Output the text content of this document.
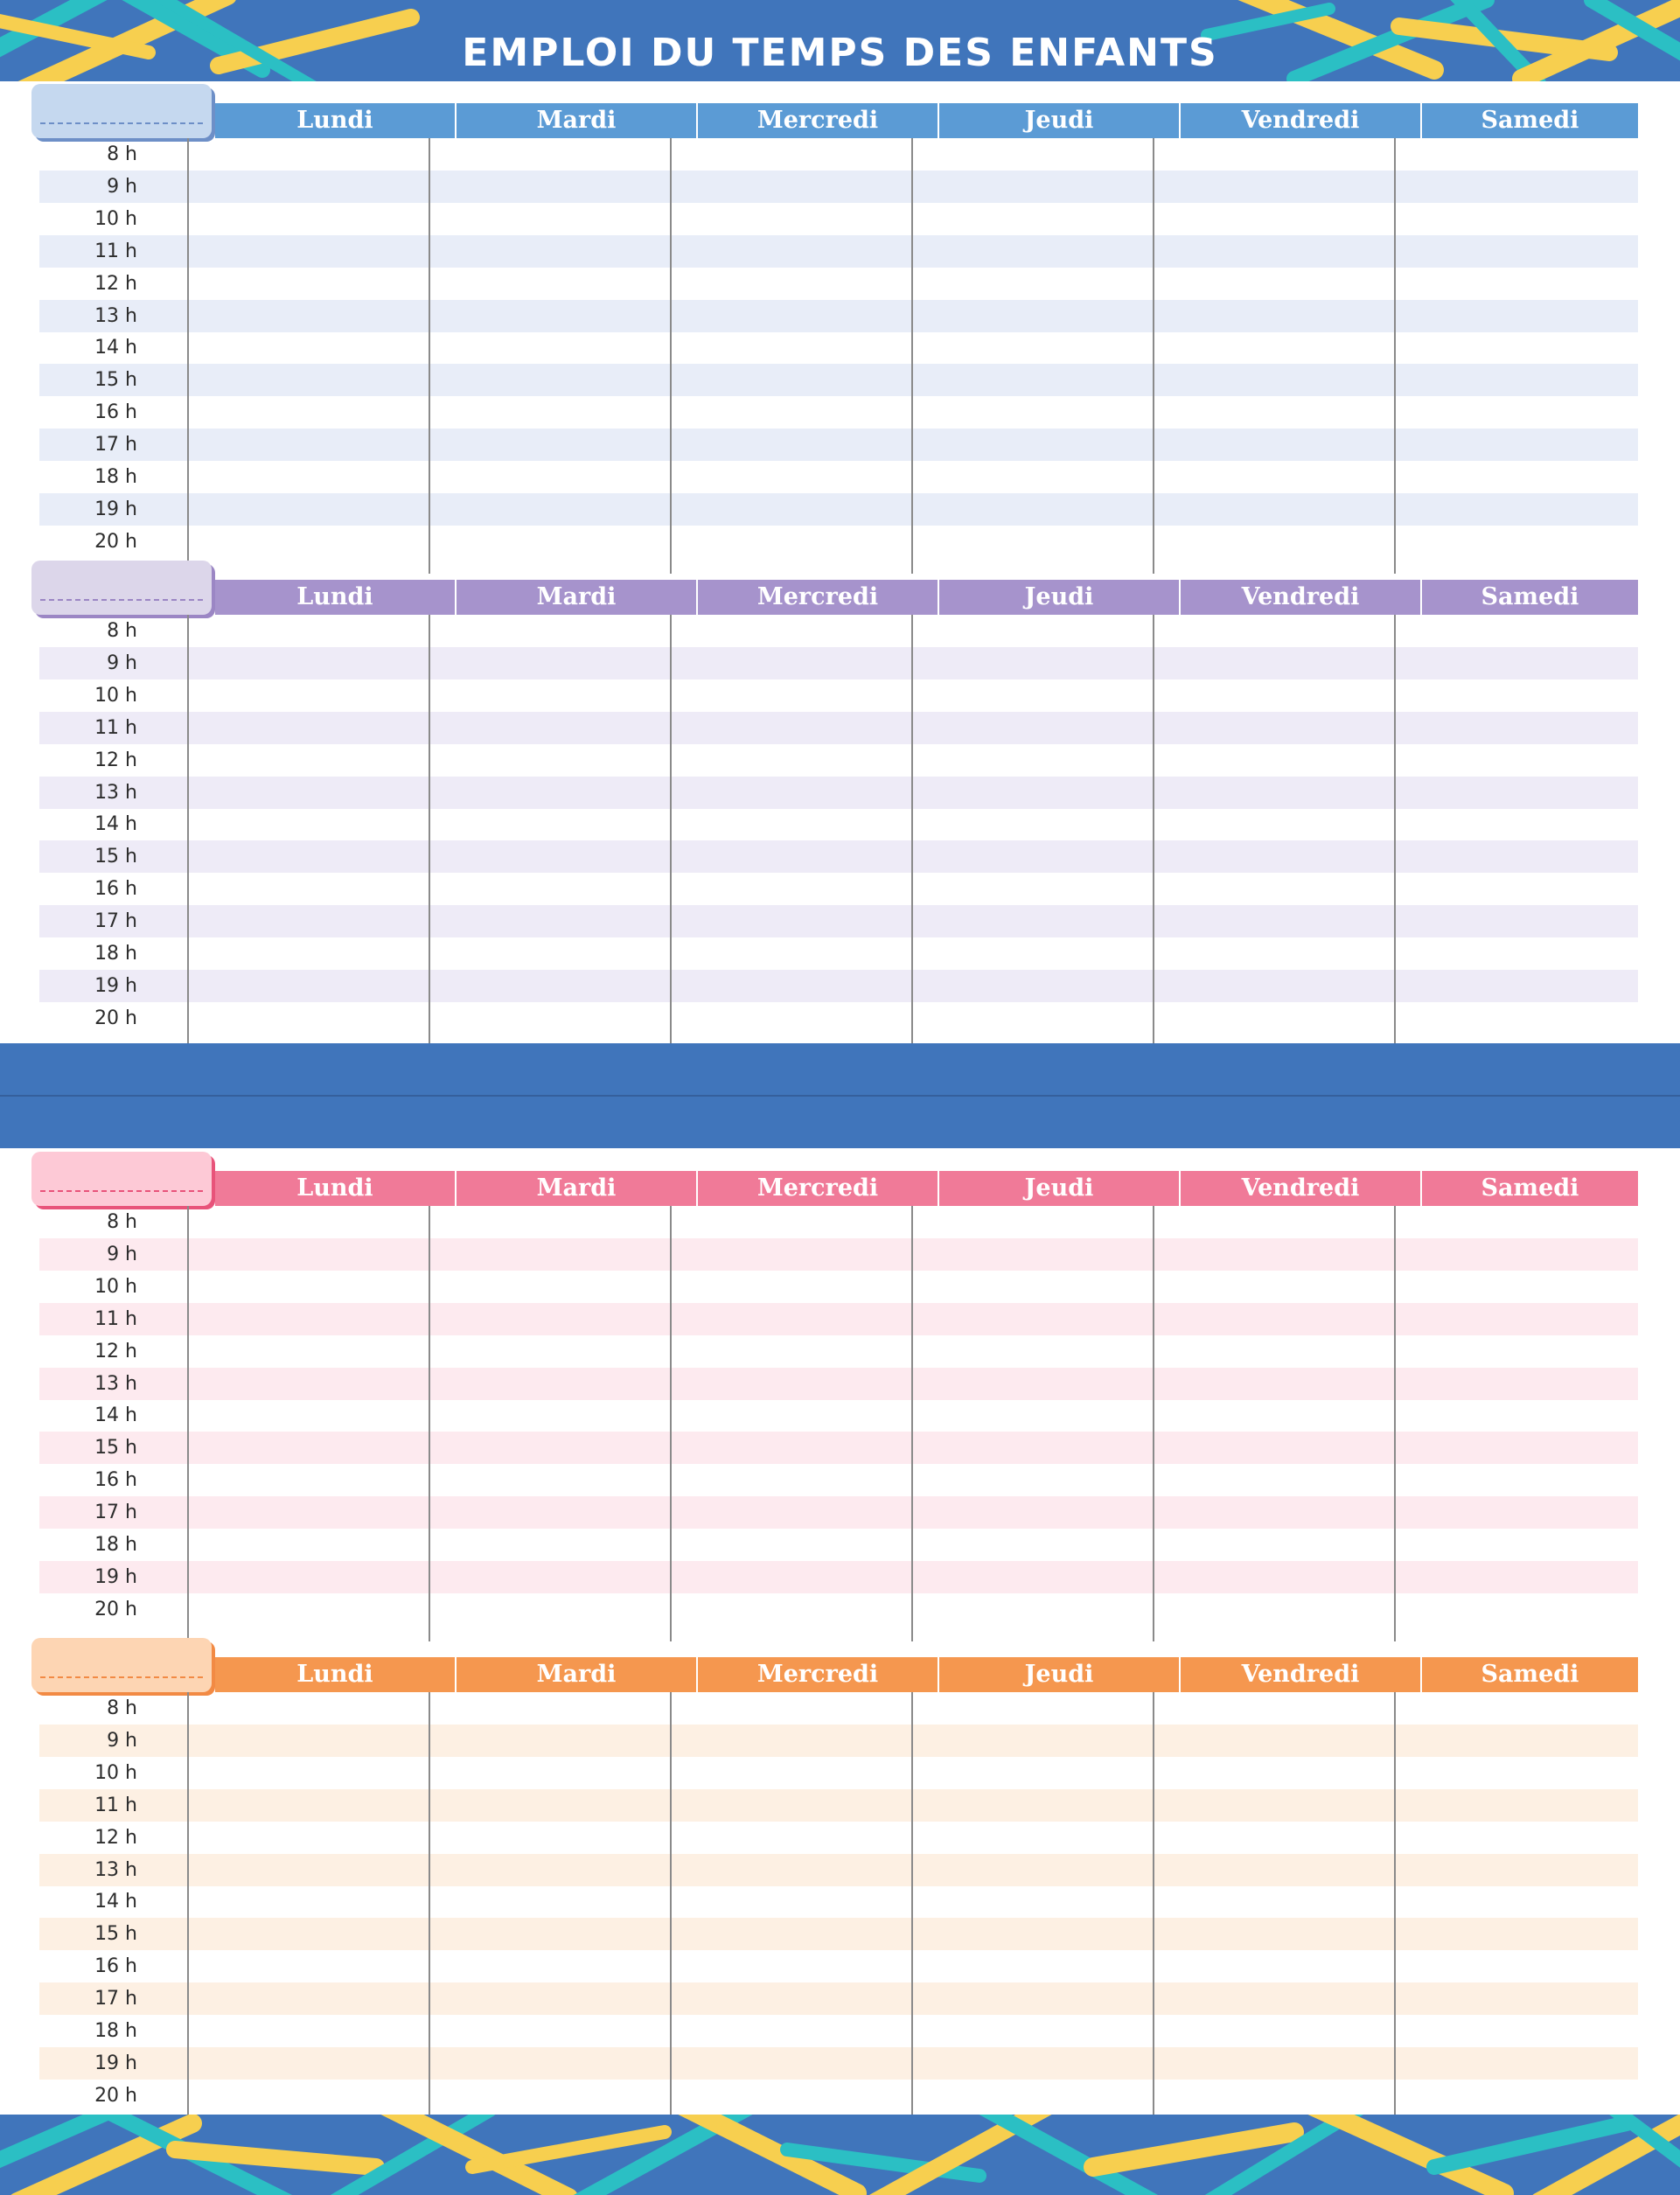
EMPLOI DU TEMPS DES ENFANTS
Lundi	Mardi	Mercredi	Jeudi	Vendredi	Samedi
8 h
9 h
10 h
11 h
12 h
13 h
14 h
15 h
16 h
17 h
18 h
19 h
20 h
Lundi	Mardi	Mercredi	Jeudi	Vendredi	Samedi
8 h
9 h
10 h
11 h
12 h
13 h
14 h
15 h
16 h
17 h
18 h
19 h
20 h
Lundi	Mardi	Mercredi	Jeudi	Vendredi	Samedi
8 h
9 h
10 h
11 h
12 h
13 h
14 h
15 h
16 h
17 h
18 h
19 h
20 h
Lundi	Mardi	Mercredi	Jeudi	Vendredi	Samedi
8 h
9 h
10 h
11 h
12 h
13 h
14 h
15 h
16 h
17 h
18 h
19 h
20 h
